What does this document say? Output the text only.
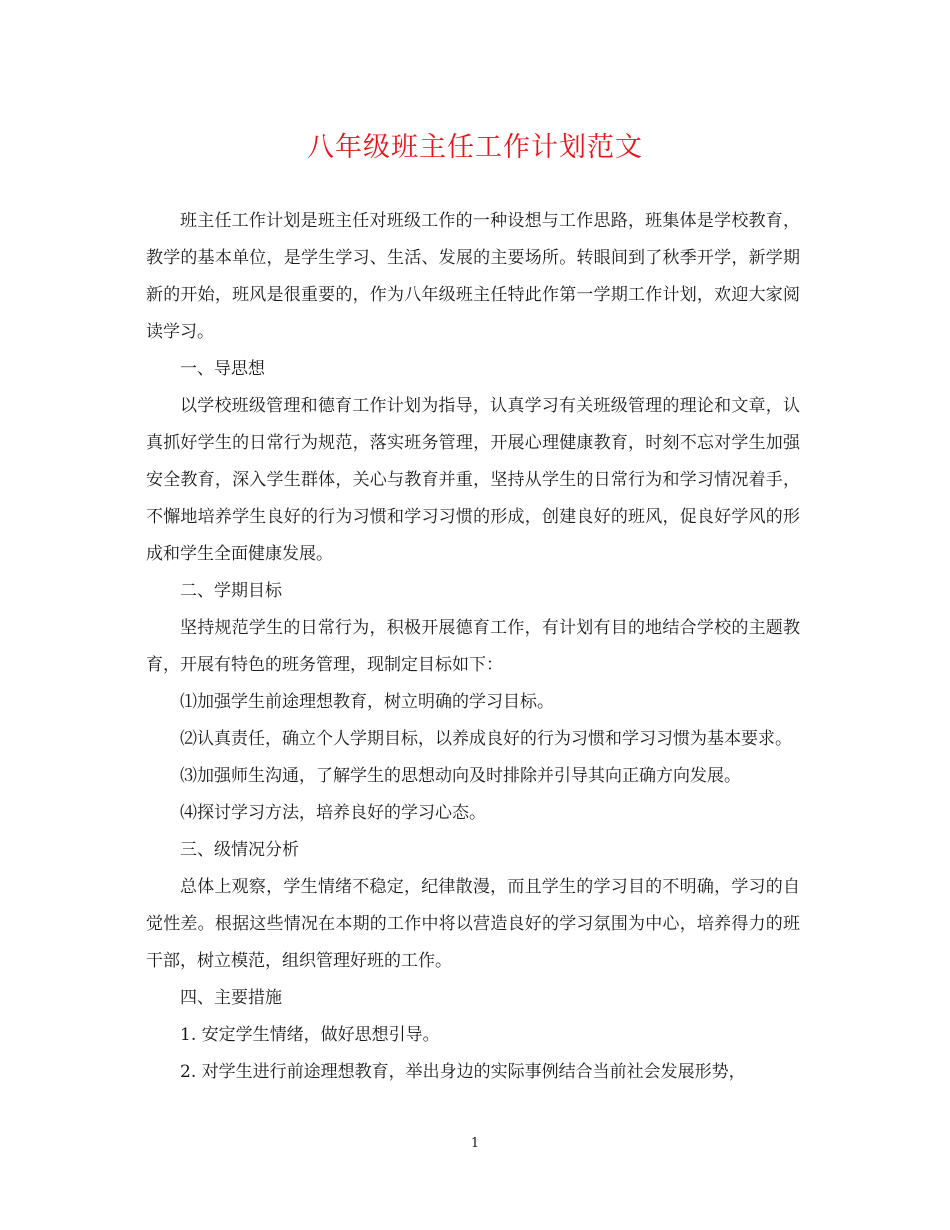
八年级班主任工作计划范文

班主任工作计划是班主任对班级工作的一种设想与工作思路，班集体是学校教育，教学的基本单位，是学生学习、生活、发展的主要场所。转眼间到了秋季开学，新学期新的开始，班风是很重要的，作为八年级班主任特此作第一学期工作计划，欢迎大家阅读学习。

一、导思想

以学校班级管理和德育工作计划为指导，认真学习有关班级管理的理论和文章，认真抓好学生的日常行为规范，落实班务管理，开展心理健康教育，时刻不忘对学生加强安全教育，深入学生群体，关心与教育并重，坚持从学生的日常行为和学习情况着手，不懈地培养学生良好的行为习惯和学习习惯的形成，创建良好的班风，促良好学风的形成和学生全面健康发展。

二、学期目标

坚持规范学生的日常行为，积极开展德育工作，有计划有目的地结合学校的主题教育，开展有特色的班务管理，现制定目标如下：

⑴加强学生前途理想教育，树立明确的学习目标。

⑵认真责任，确立个人学期目标，以养成良好的行为习惯和学习习惯为基本要求。

⑶加强师生沟通，了解学生的思想动向及时排除并引导其向正确方向发展。

⑷探讨学习方法，培养良好的学习心态。

三、级情况分析

总体上观察，学生情绪不稳定，纪律散漫，而且学生的学习目的不明确，学习的自觉性差。根据这些情况在本期的工作中将以营造良好的学习氛围为中心，培养得力的班干部，树立模范，组织管理好班的工作。

四、主要措施

1. 安定学生情绪，做好思想引导。

2. 对学生进行前途理想教育，举出身边的实际事例结合当前社会发展形势，

1
